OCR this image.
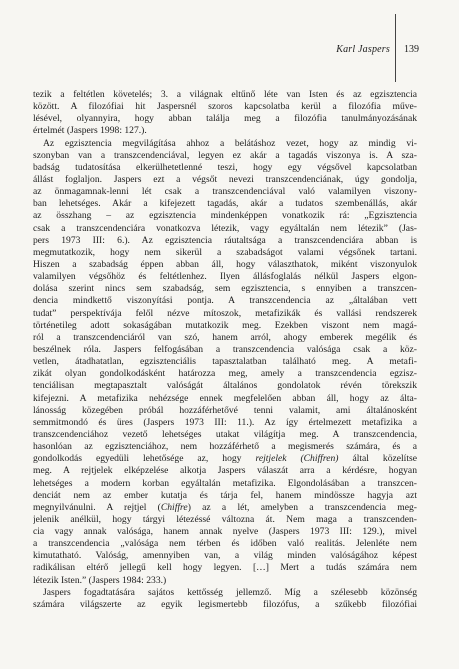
Karl Jaspers 139
tezik a feltétlen követelés; 3. a világnak eltűnő léte van Isten és az egzisztencia
között. A filozófiai hit Jaspersnél szoros kapcsolatba kerül a filozófia műve-
lésével, olyannyira, hogy abban találja meg a filozófia tanulmányozásának
értelmét (Jaspers 1998: 127.).
Az egzisztencia megvilágítása ahhoz a belátáshoz vezet, hogy az mindig vi-
szonyban van a transzcendenciával, legyen ez akár a tagadás viszonya is. A sza-
badság tudatosítása elkerülhetetlenné teszi, hogy egy végsővel kapcsolatban
állást foglaljon. Jaspers ezt a végsőt nevezi transzcendenciának, úgy gondolja,
az önmagamnak-lenni lét csak a transzcendenciával való valamilyen viszony-
ban lehetséges. Akár a kifejezett tagadás, akár a tudatos szembenállás, akár
az összhang – az egzisztencia mindenképpen vonatkozik rá: „Egzisztencia
csak a transzcendenciára vonatkozva létezik, vagy egyáltalán nem létezik” (Jas-
pers 1973 III: 6.). Az egzisztencia ráutaltsága a transzcendenciára abban is
megmutatkozik, hogy nem sikerül a szabadságot valami végsőnek tartani.
Hiszen a szabadság éppen abban áll, hogy választhatok, miként viszonyulok
valamilyen végsőhöz és feltétlenhez. Ilyen állásfoglalás nélkül Jaspers elgon-
dolása szerint nincs sem szabadság, sem egzisztencia, s ennyiben a transzcen-
dencia mindkettő viszonyítási pontja. A transzcendencia az „általában vett
tudat” perspektívája felől nézve mítoszok, metafizikák és vallási rendszerek
történetileg adott sokaságában mutatkozik meg. Ezekben viszont nem magá-
ról a transzcendenciáról van szó, hanem arról, ahogy emberek megélik és
beszélnek róla. Jaspers felfogásában a transzcendencia valósága csak a köz-
vetlen, átadhatatlan, egzisztenciális tapasztalatban található meg. A metafi-
zikát olyan gondolkodásként határozza meg, amely a transzcendencia egzisz-
tenciálisan megtapasztalt valóságát általános gondolatok révén törekszik
kifejezni. A metafizika nehézsége ennek megfelelően abban áll, hogy az álta-
lánosság közegében próbál hozzáférhetővé tenni valamit, ami általánosként
semmitmondó és üres (Jaspers 1973 III: 11.). Az így értelmezett metafizika a
transzcendenciához vezető lehetséges utakat világítja meg. A transzcendencia,
hasonlóan az egzisztenciához, nem hozzáférhető a megismerés számára, és a
gondolkodás egyedüli lehetősége az, hogy rejtjelek (Chiffren) által közelítse
meg. A rejtjelek elképzelése alkotja Jaspers válaszát arra a kérdésre, hogyan
lehetséges a modern korban egyáltalán metafizika. Elgondolásában a transzcen-
denciát nem az ember kutatja és tárja fel, hanem mindössze hagyja azt
megnyilvánulni. A rejtjel (Chiffre) az a lét, amelyben a transzcendencia meg-
jelenik anélkül, hogy tárgyi létezéssé változna át. Nem maga a transzcenden-
cia vagy annak valósága, hanem annak nyelve (Jaspers 1973 III: 129.), mivel
a transzcendencia „valósága nem térben és időben való realitás. Jelenléte nem
kimutatható. Valóság, amennyiben van, a világ minden valóságához képest
radikálisan eltérő jellegű kell hogy legyen. […] Mert a tudás számára nem
létezik Isten.” (Jaspers 1984: 233.)
Jaspers fogadtatására sajátos kettősség jellemző. Míg a szélesebb közönség
számára világszerte az egyik legismertebb filozófus, a szűkebb filozófiai
